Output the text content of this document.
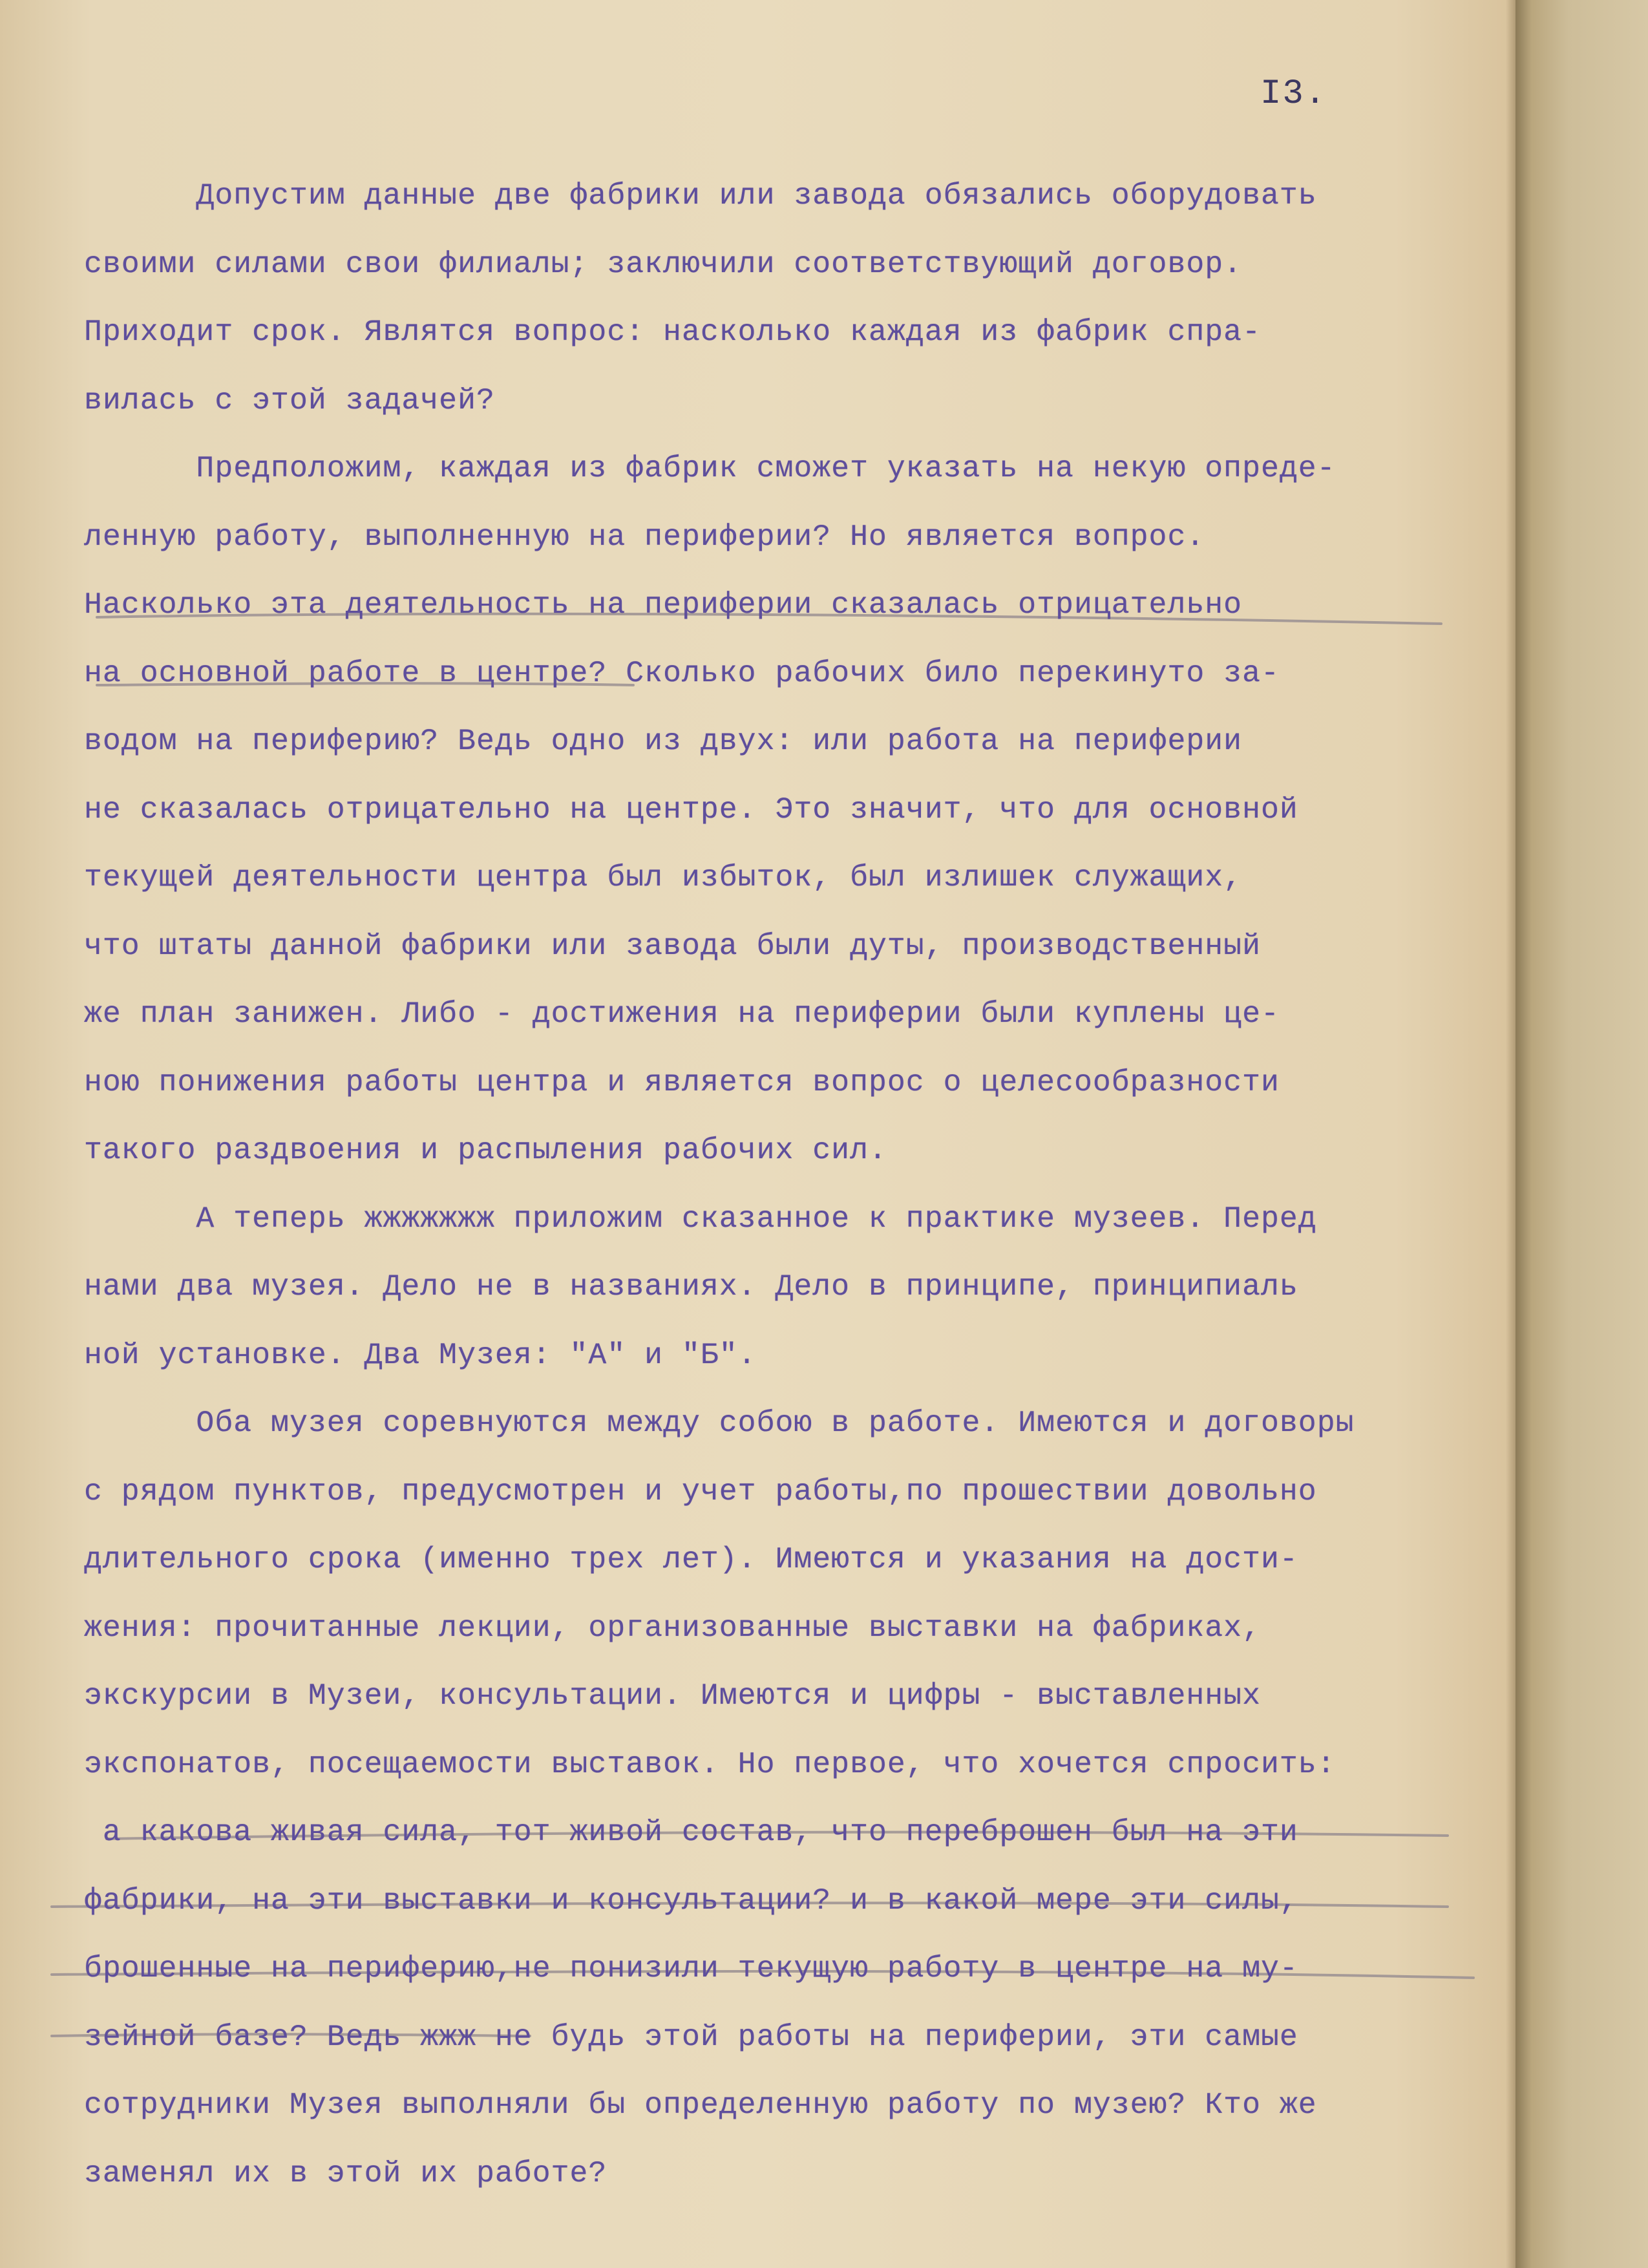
I3.
Допустим данные две фабрики или завода обязались оборудовать
своими силами свои филиалы; заключили соответствующий договор.
Приходит срок. Являтся вопрос: насколько каждая из фабрик спра-
вилась с этой задачей?
Предположим, каждая из фабрик сможет указать на некую опреде-
ленную работу, выполненную на периферии? Но является вопрос.
Насколько эта деятельность на периферии сказалась отрицательно
на основной работе в центре? Сколько рабочих било перекинуто за-
водом на периферию? Ведь одно из двух: или работа на периферии
не сказалась отрицательно на центре. Это значит, что для основной
текущей деятельности центра был избыток, был излишек служащих,
что штаты данной фабрики или завода были дуты, производственный
же план занижен. Либо - достижения на периферии были куплены це-
ною понижения работы центра и является вопрос о целесообразности
такого раздвоения и распыления рабочих сил.
А теперь жжжжжжж приложим сказанное к практике музеев. Перед
нами два музея. Дело не в названиях. Дело в принципе, принципиаль
ной установке. Два Музея: "А" и "Б".
Оба музея соревнуются между собою в работе. Имеются и договоры
с рядом пунктов, предусмотрен и учет работы,по прошествии довольно
длительного срока (именно трех лет). Имеются и указания на дости-
жения: прочитанные лекции, организованные выставки на фабриках,
экскурсии в Музеи, консультации. Имеются и цифры - выставленных
экспонатов, посещаемости выставок. Но первое, что хочется спросить:
а какова живая сила, тот живой состав, что переброшен был на эти
фабрики, на эти выставки и консультации? и в какой мере эти силы,
брошенные на периферию,не понизили текущую работу в центре на му-
зейной базе? Ведь жжж не будь этой работы на периферии, эти самые
сотрудники Музея выполняли бы определенную работу по музею? Кто же
заменял их в этой их работе?
